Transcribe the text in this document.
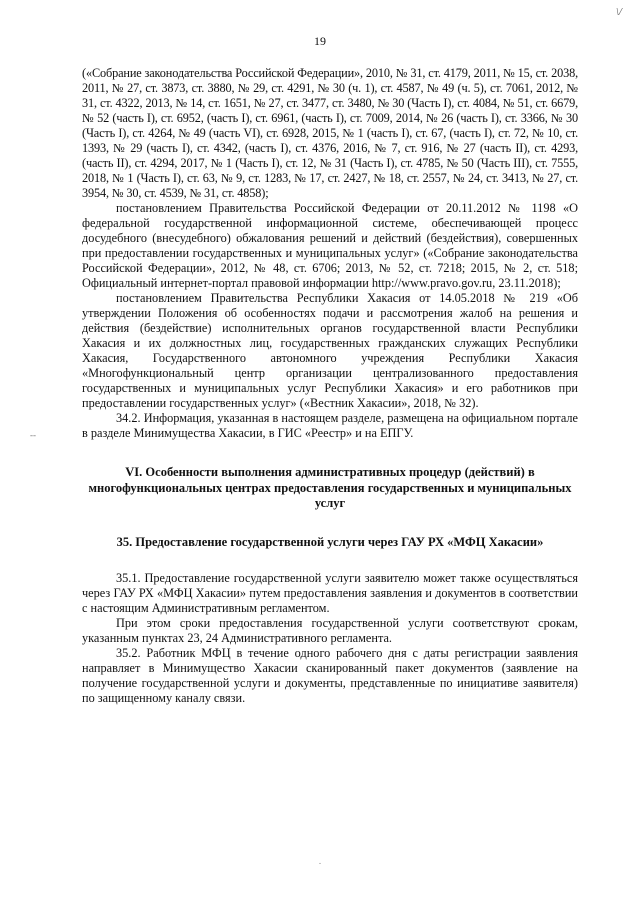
\/
--
19

(«Собрание законодательства Российской Федерации», 2010, № 31, ст. 4179, 2011, № 15, ст. 2038, 2011, № 27, ст. 3873, ст. 3880, № 29, ст. 4291, № 30 (ч. 1), ст. 4587, № 49 (ч. 5), ст. 7061, 2012, № 31, ст. 4322, 2013, № 14, ст. 1651, № 27, ст. 3477, ст. 3480, № 30 (Часть I), ст. 4084, № 51, ст. 6679, № 52 (часть I), ст. 6952, (часть I), ст. 6961, (часть I), ст. 7009, 2014, № 26 (часть I), ст. 3366, № 30 (Часть I), ст. 4264, № 49 (часть VI), ст. 6928, 2015, № 1 (часть I), ст. 67, (часть I), ст. 72, № 10, ст. 1393, № 29 (часть I), ст. 4342, (часть I), ст. 4376, 2016, № 7, ст. 916, № 27 (часть II), ст. 4293, (часть II), ст. 4294, 2017, № 1 (Часть I), ст. 12, № 31 (Часть I), ст. 4785, № 50 (Часть III), ст. 7555, 2018, № 1 (Часть I), ст. 63, № 9, ст. 1283, № 17, ст. 2427, № 18, ст. 2557, № 24, ст. 3413, № 27, ст. 3954, № 30, ст. 4539, № 31, ст. 4858);

постановлением Правительства Российской Федерации от 20.11.2012 № 1198 «О федеральной государственной информационной системе, обеспечивающей процесс досудебного (внесудебного) обжалования решений и действий (бездействия), совершенных при предоставлении государственных и муниципальных услуг» («Собрание законодательства Российской Федерации», 2012, № 48, ст. 6706; 2013, № 52, ст. 7218; 2015, № 2, ст. 518; Официальный интернет-портал правовой информации http://www.pravo.gov.ru, 23.11.2018);

постановлением Правительства Республики Хакасия от 14.05.2018 № 219 «Об утверждении Положения об особенностях подачи и рассмотрения жалоб на решения и действия (бездействие) исполнительных органов государственной власти Республики Хакасия и их должностных лиц, государственных гражданских служащих Республики Хакасия, Государственного автономного учреждения Республики Хакасия «Многофункциональный центр организации централизованного предоставления государственных и муниципальных услуг Республики Хакасия» и его работников при предоставлении государственных услуг» («Вестник Хакасии», 2018, № 32).

34.2. Информация, указанная в настоящем разделе, размещена на официальном портале в разделе Минимущества Хакасии, в ГИС «Реестр» и на ЕПГУ.

VI. Особенности выполнения административных процедур (действий) в многофункциональных центрах предоставления государственных и муниципальных услуг

35. Предоставление государственной услуги через ГАУ РХ «МФЦ Хакасии»

35.1. Предоставление государственной услуги заявителю может также осуществляться через ГАУ РХ «МФЦ Хакасии» путем предоставления заявления и документов в соответствии с настоящим Административным регламентом.

При этом сроки предоставления государственной услуги соответствуют срокам, указанным пунктах 23, 24 Административного регламента.

35.2. Работник МФЦ в течение одного рабочего дня с даты регистрации заявления направляет в Минимущество Хакасии сканированный пакет документов (заявление на получение государственной услуги и документы, представленные по инициативе заявителя) по защищенному каналу связи.

.
